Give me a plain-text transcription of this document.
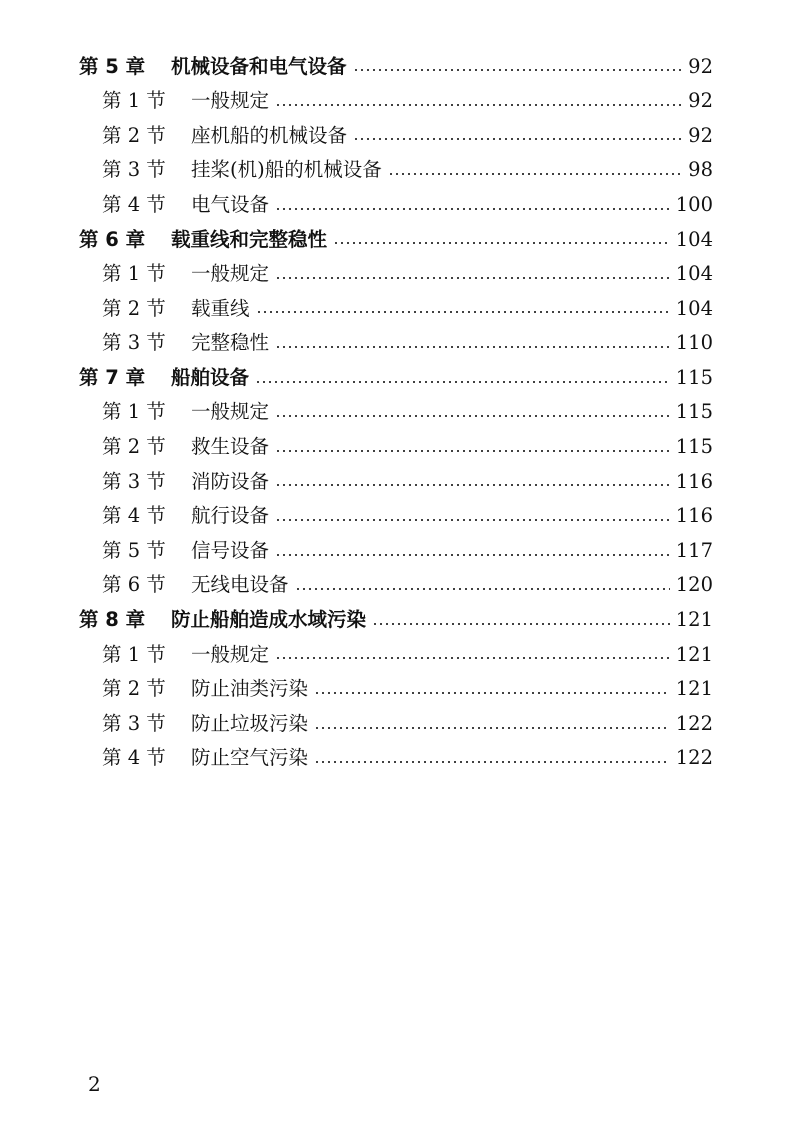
第 5 章	机械设备和电气设备	92
第 1 节	一般规定	92
第 2 节	座机船的机械设备	92
第 3 节	挂桨(机)船的机械设备	98
第 4 节	电气设备	100
第 6 章	载重线和完整稳性	104
第 1 节	一般规定	104
第 2 节	载重线	104
第 3 节	完整稳性	110
第 7 章	船舶设备	115
第 1 节	一般规定	115
第 2 节	救生设备	115
第 3 节	消防设备	116
第 4 节	航行设备	116
第 5 节	信号设备	117
第 6 节	无线电设备	120
第 8 章	防止船舶造成水域污染	121
第 1 节	一般规定	121
第 2 节	防止油类污染	121
第 3 节	防止垃圾污染	122
第 4 节	防止空气污染	122
2
